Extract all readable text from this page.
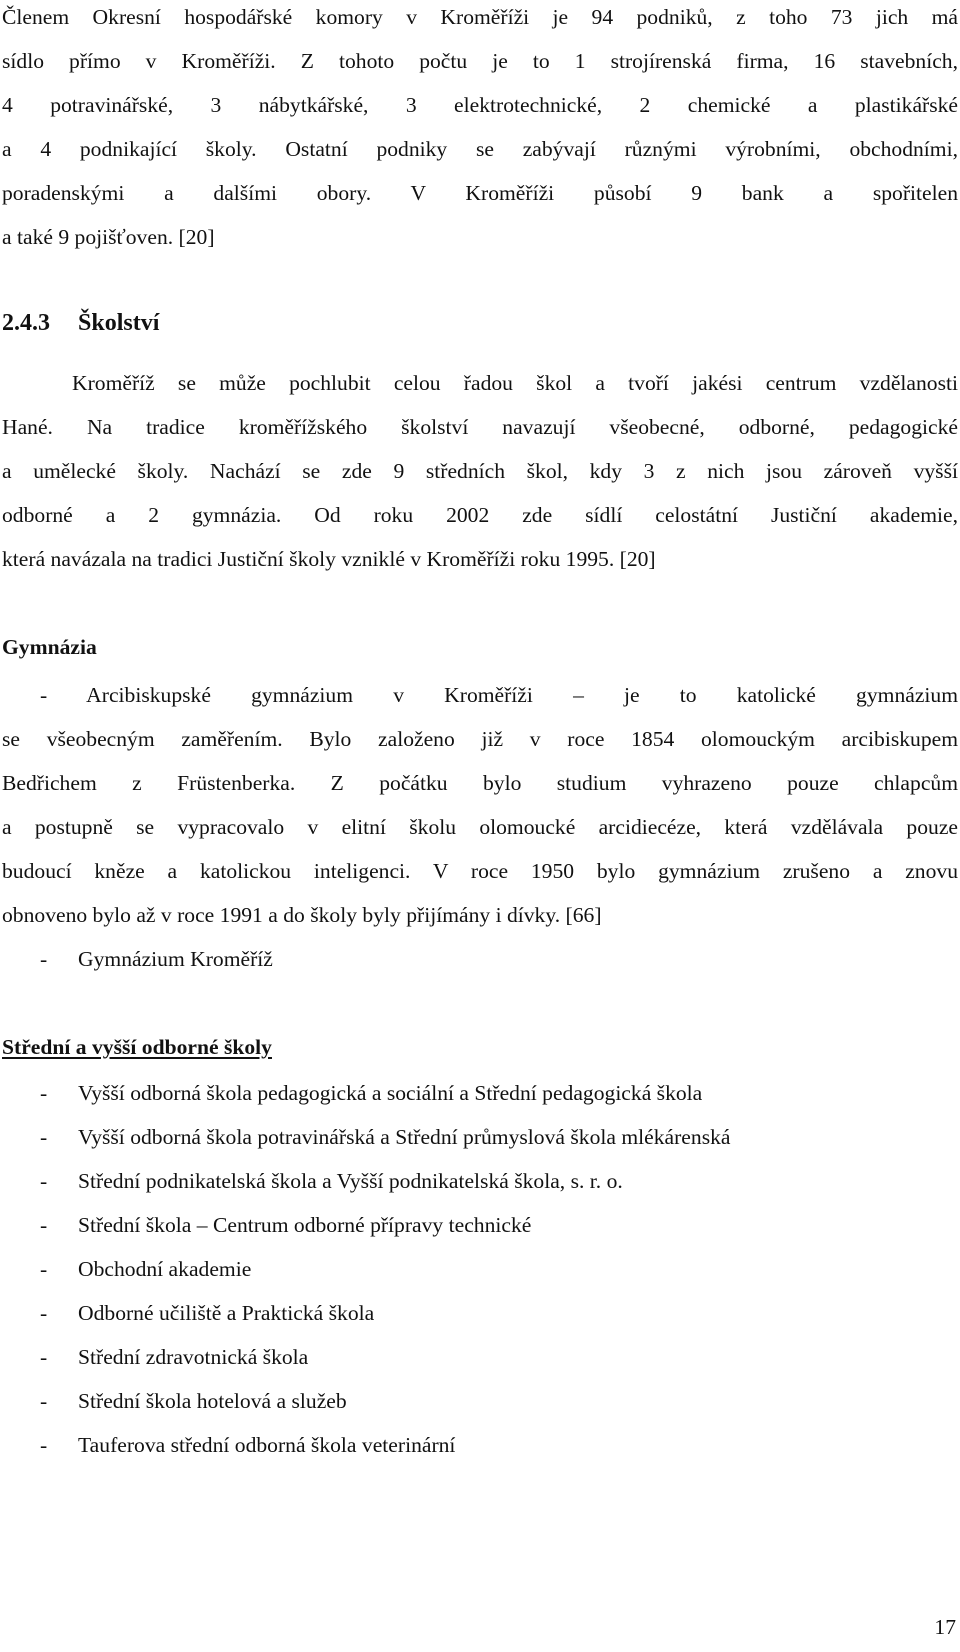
Členem Okresní hospodářské komory v Kroměříži je 94 podniků, z toho 73 jich má
sídlo přímo v Kroměříži. Z tohoto počtu je to 1 strojírenská firma, 16 stavebních,
4 potravinářské, 3 nábytkářské, 3 elektrotechnické, 2 chemické a plastikářské
a 4 podnikající školy. Ostatní podniky se zabývají různými výrobními, obchodními,
poradenskými a dalšími obory. V Kroměříži působí 9 bank a spořitelen
a také 9 pojišťoven. [20]
2.4.3 Školství
Kroměříž se může pochlubit celou řadou škol a tvoří jakési centrum vzdělanosti
Hané. Na tradice kroměřížského školství navazují všeobecné, odborné, pedagogické
a umělecké školy. Nachází se zde 9 středních škol, kdy 3 z nich jsou zároveň vyšší
odborné a 2 gymnázia. Od roku 2002 zde sídlí celostátní Justiční akademie,
která navázala na tradici Justiční školy vzniklé v Kroměříži roku 1995. [20]
Gymnázia
- Arcibiskupské gymnázium v Kroměříži – je to katolické gymnázium
se všeobecným zaměřením. Bylo založeno již v roce 1854 olomouckým arcibiskupem
Bedřichem z Früstenberka. Z počátku bylo studium vyhrazeno pouze chlapcům
a postupně se vypracovalo v elitní školu olomoucké arcidiecéze, která vzdělávala pouze
budoucí kněze a katolickou inteligenci. V roce 1950 bylo gymnázium zrušeno a znovu
obnoveno bylo až v roce 1991 a do školy byly přijímány i dívky. [66]
- Gymnázium Kroměříž
Střední a vyšší odborné školy
- Vyšší odborná škola pedagogická a sociální a Střední pedagogická škola
- Vyšší odborná škola potravinářská a Střední průmyslová škola mlékárenská
- Střední podnikatelská škola a Vyšší podnikatelská škola, s. r. o.
- Střední škola – Centrum odborné přípravy technické
- Obchodní akademie
- Odborné učiliště a Praktická škola
- Střední zdravotnická škola
- Střední škola hotelová a služeb
- Tauferova střední odborná škola veterinární
17
